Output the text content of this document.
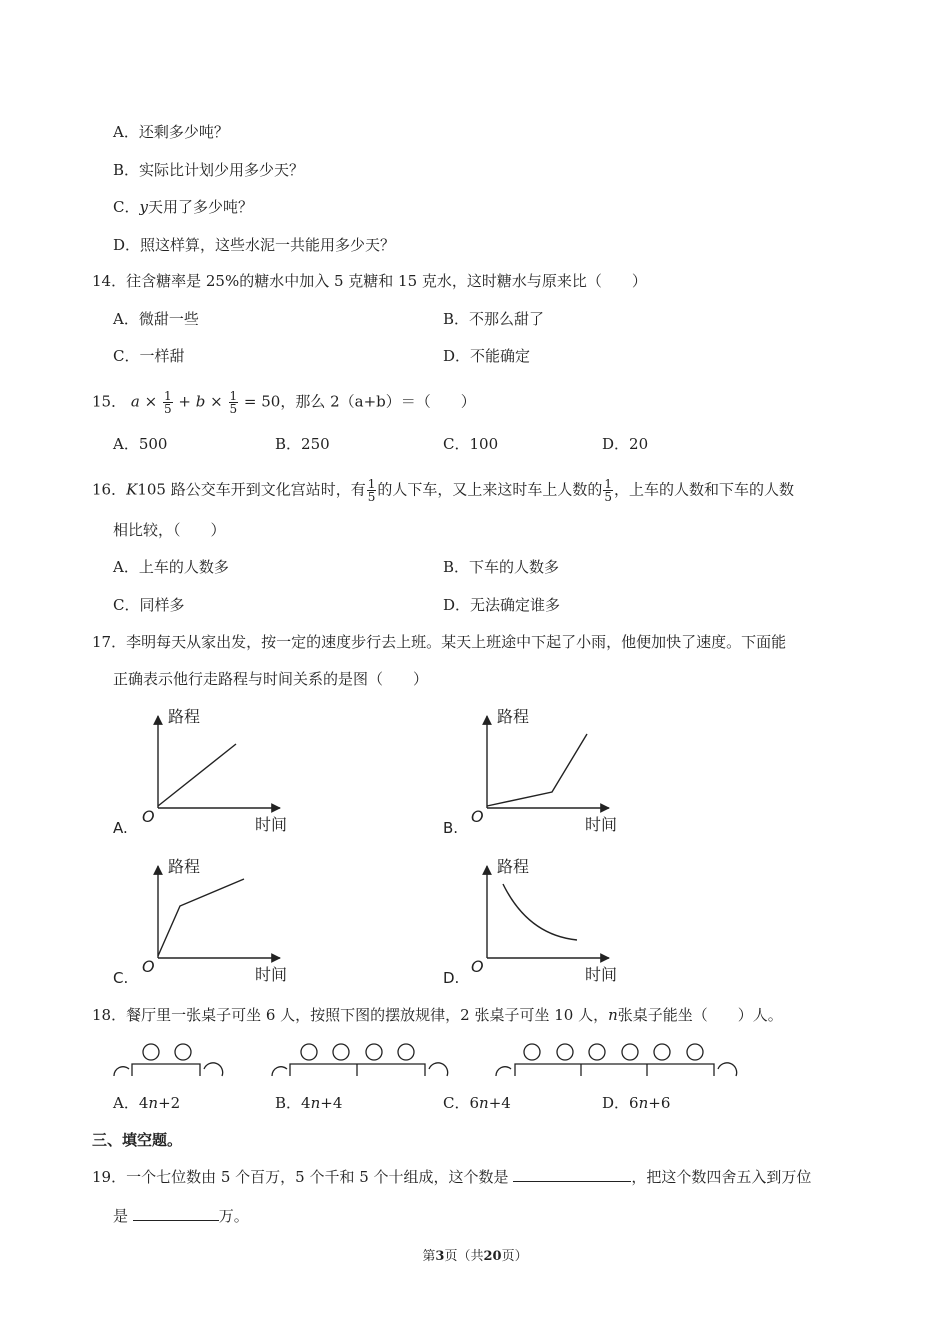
A．还剩多少吨？
B．实际比计划少用多少天？
C．y天用了多少吨？
D．照这样算，这些水泥一共能用多少天？
14．往含糖率是 25%的糖水中加入 5 克糖和 15 克水，这时糖水与原来比（　　）
A．微甜一些	B．不那么甜了
C．一样甜	D．不能确定
15． $a \times \frac{1}{5} + b \times \frac{1}{5} = 50$，那么 2（a+b）＝（　　）
A．500	B．250	C．100	D．20
16．K105 路公交车开到文化宫站时，有 $\frac{1}{5}$ 的人下车，又上来这时车上人数的 $\frac{1}{5}$ ，上车的人数和下车的人数
相比较，（　　）
A．上车的人数多	B．下车的人数多
C．同样多	D．无法确定谁多
17．李明每天从家出发，按一定的速度步行去上班。某天上班途中下起了小雨，他便加快了速度。下面能
正确表示他行走路程与时间关系的是图（　　）
路程
时间
O
A.
路程
时间
O
B.
路程
时间
O
C.
路程
时间
O
D.
18．餐厅里一张桌子可坐 6 人，按照下图的摆放规律，2 张桌子可坐 10 人，n张桌子能坐（　　）人。
A．4n+2	B．4n+4	C．6n+4	D．6n+6
三、填空题。
19．一个七位数由 5 个百万，5 个千和 5 个十组成，这个数是	，把这个数四舍五入到万位
是	万。
第3页（共20页）
